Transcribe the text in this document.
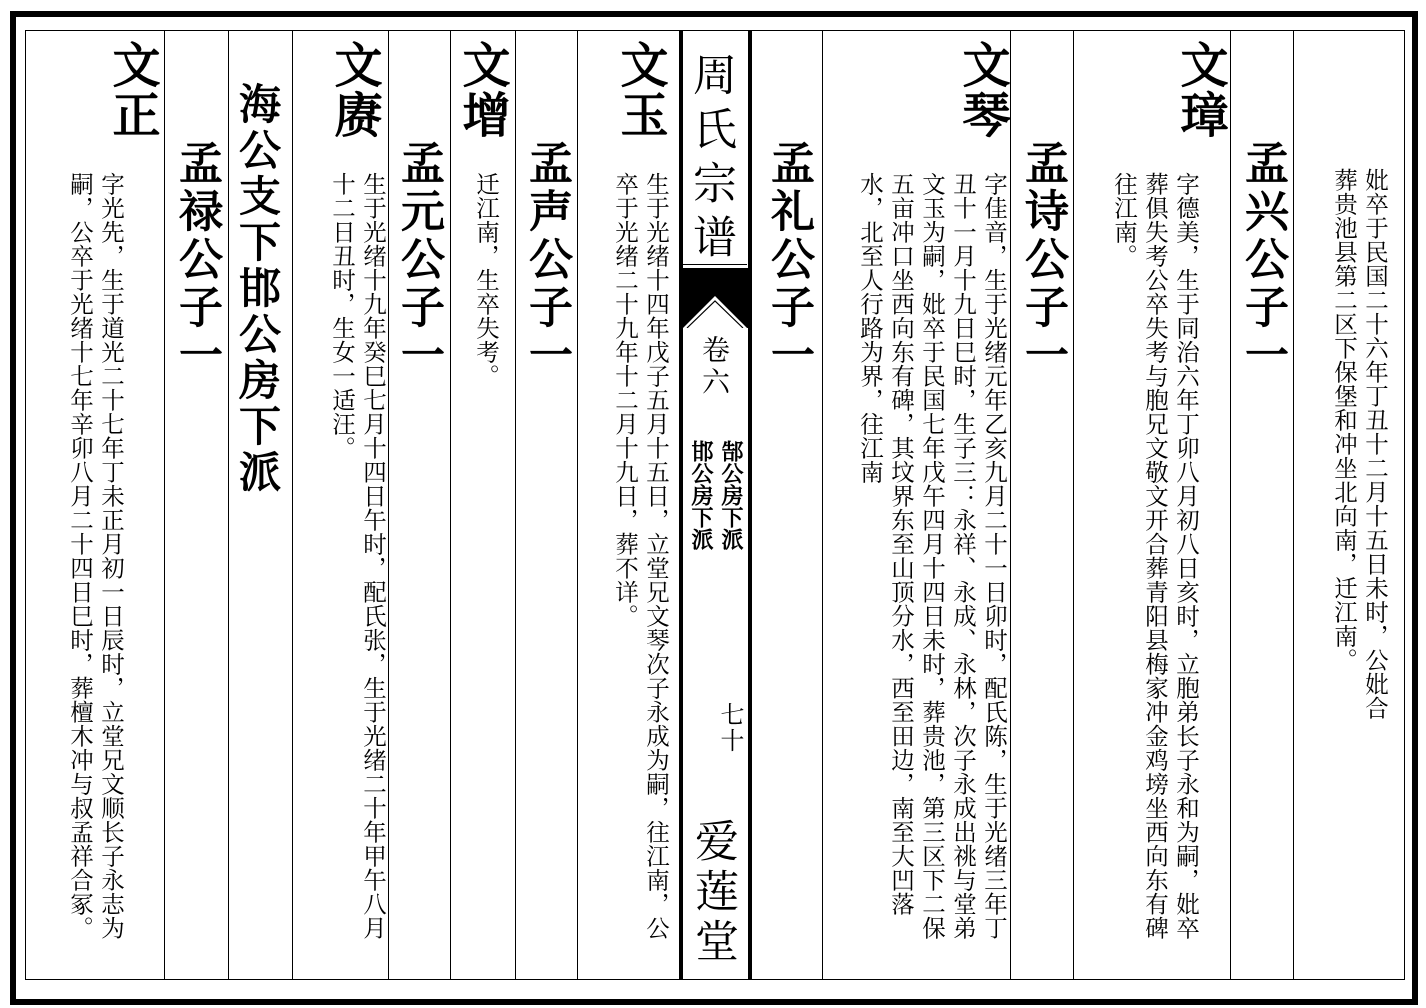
周氏宗谱
卷六
郜公房下派 邯公房下派
七十
爱莲堂
妣卒于民国二十六年丁丑十二月十五日未时，公妣合葬贵池县第二区下保堡和冲坐北向南，迁江南。
孟兴公子一
文璋
字德美，生于同治六年丁卯八月初八日亥时，立胞弟长子永和为嗣，妣卒葬俱失考公卒失考与胞兄文敬文开合葬青阳县梅家冲金鸡塝坐西向东有碑往江南。
孟诗公子一
文琴
字佳音，生于光绪元年乙亥九月二十一日卯时，配氏陈，生于光绪三年丁丑十一月十九日巳时，生子三：永祥、永成、永林，次子永成出祧与堂弟文玉为嗣，妣卒于民国七年戊午四月十四日未时，葬贵池，第三区下二保五亩冲口坐西向东有碑，其坟界东至山顶分水，西至田边，南至大凹落水，北至人行路为界，往江南
孟礼公子一
文玉
生于光绪十四年戊子五月十五日，立堂兄文琴次子永成为嗣，往江南，公卒于光绪二十九年十二月十九日，葬不详。
孟声公子一
文增
迁江南，生卒失考。
孟元公子一
文赓
生于光绪十九年癸巳七月十四日午时，配氏张，生于光绪二十年甲午八月十二日丑时，生女一适汪。
海公支下邯公房下派
孟禄公子一
文正
字光先，生于道光二十七年丁未正月初一日辰时，立堂兄文顺长子永志为嗣，公卒于光绪十七年辛卯八月二十四日巳时，葬檀木冲与叔孟祥合冢。
